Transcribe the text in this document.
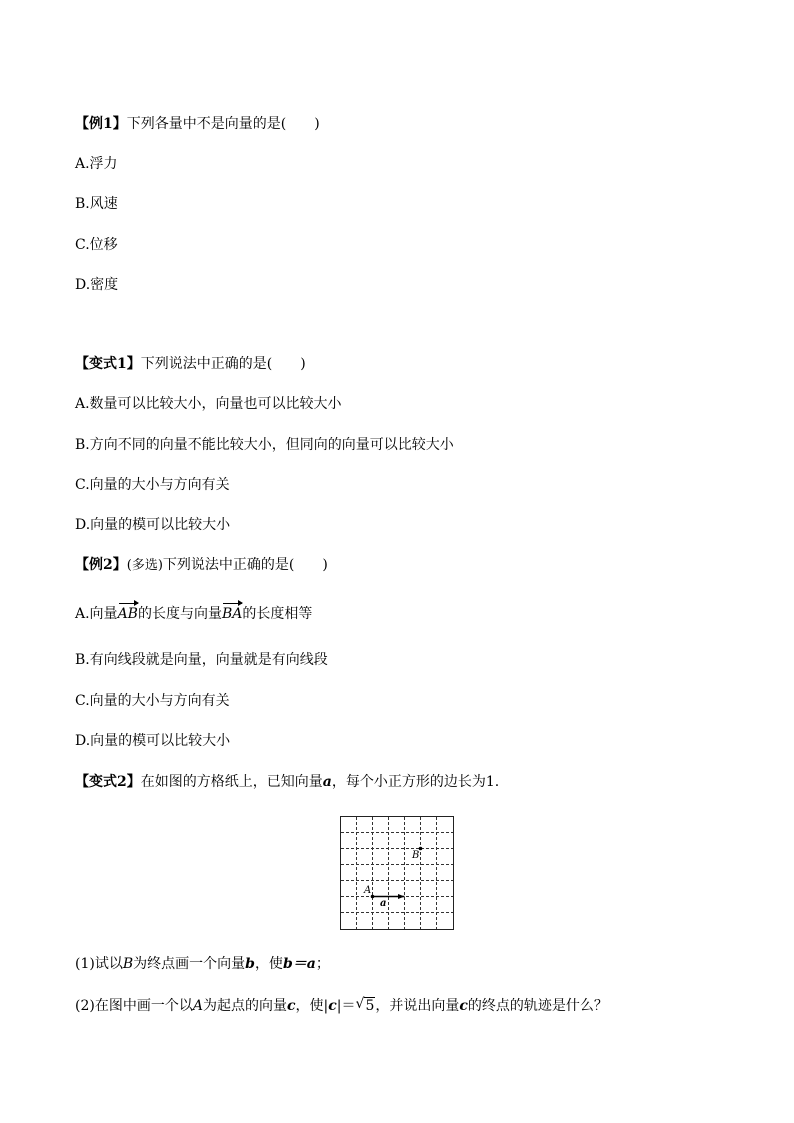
【例1】下列各量中不是向量的是(　　)
A.浮力
B.风速
C.位移
D.密度
【变式1】下列说法中正确的是(　　)
A.数量可以比较大小，向量也可以比较大小
B.方向不同的向量不能比较大小，但同向的向量可以比较大小
C.向量的大小与方向有关
D.向量的模可以比较大小
【例2】(多选)下列说法中正确的是(　　)
A.向量AB的长度与向量BA的长度相等
B.有向线段就是向量，向量就是有向线段
C.向量的大小与方向有关
D.向量的模可以比较大小
【变式2】在如图的方格纸上，已知向量a，每个小正方形的边长为1.
A
B
a
(1)试以B为终点画一个向量b，使b＝a；
(2)在图中画一个以A为起点的向量c，使|c|＝ √ 5，并说出向量c的终点的轨迹是什么？
